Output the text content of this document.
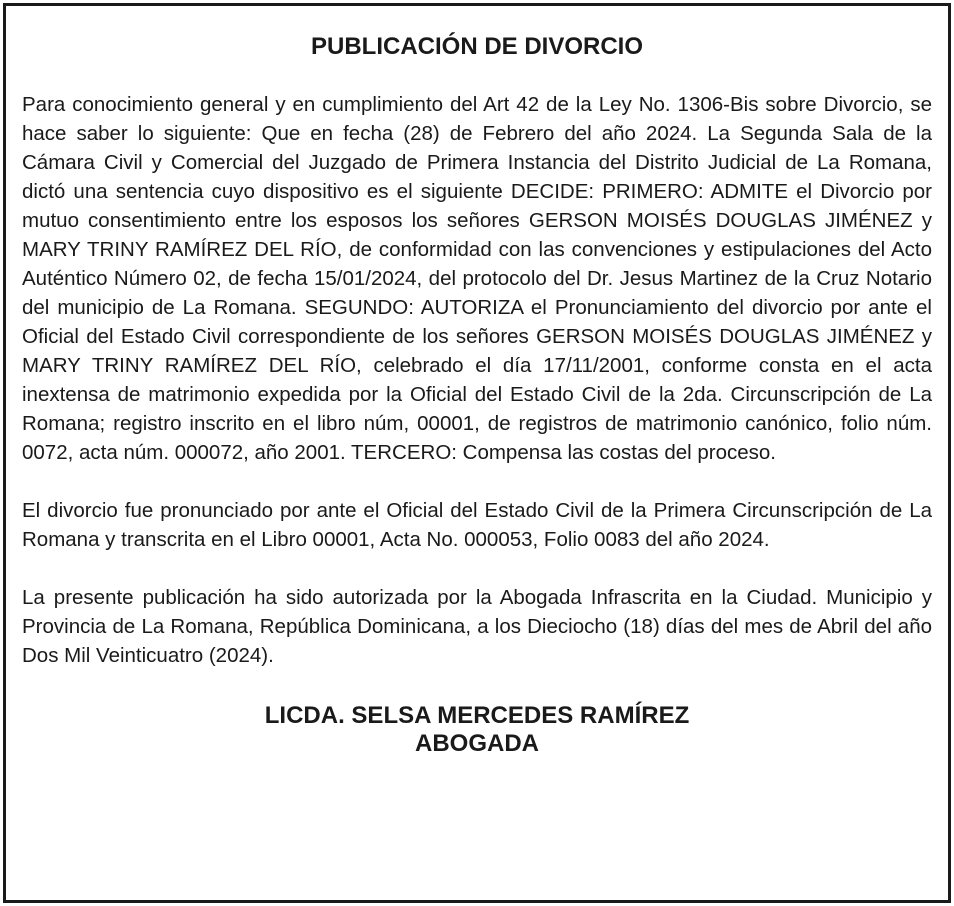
PUBLICACIÓN DE DIVORCIO

Para conocimiento general y en cumplimiento del Art 42 de la Ley No. 1306-Bis sobre Divorcio, se hace saber lo siguiente: Que en fecha (28) de Febrero del año 2024. La Segunda Sala de la Cámara Civil y Comercial del Juzgado de Primera Instancia del Distrito Judicial de La Romana, dictó una sentencia cuyo dispositivo es el siguiente DECIDE: PRIMERO: ADMITE el Divorcio por mutuo consentimiento entre los esposos los señores GERSON MOISÉS DOUGLAS JIMÉNEZ y MARY TRINY RAMÍREZ DEL RÍO, de conformidad con las convenciones y estipulaciones del Acto Auténtico Número 02, de fecha 15/01/2024, del protocolo del Dr. Jesus Martinez de la Cruz Notario del municipio de La Romana. SEGUNDO: AUTORIZA el Pronunciamiento del divorcio por ante el Oficial del Estado Civil correspondiente de los señores GERSON MOISÉS DOUGLAS JIMÉNEZ y MARY TRINY RAMÍREZ DEL RÍO, celebrado el día 17/11/2001, conforme consta en el acta inextensa de matrimonio expedida por la Oficial del Estado Civil de la 2da. Circunscripción de La Romana; registro inscrito en el libro núm, 00001, de registros de matrimonio canónico, folio núm. 0072, acta núm. 000072, año 2001. TERCERO: Compensa las costas del proceso.

El divorcio fue pronunciado por ante el Oficial del Estado Civil de la Primera Circunscripción de La Romana y transcrita en el Libro 00001, Acta No. 000053, Folio 0083 del año 2024.

La presente publicación ha sido autorizada por la Abogada Infrascrita en la Ciudad. Municipio y Provincia de La Romana, República Dominicana, a los Dieciocho (18) días del mes de Abril del año Dos Mil Veinticuatro (2024).

LICDA. SELSA MERCEDES RAMÍREZ
ABOGADA
